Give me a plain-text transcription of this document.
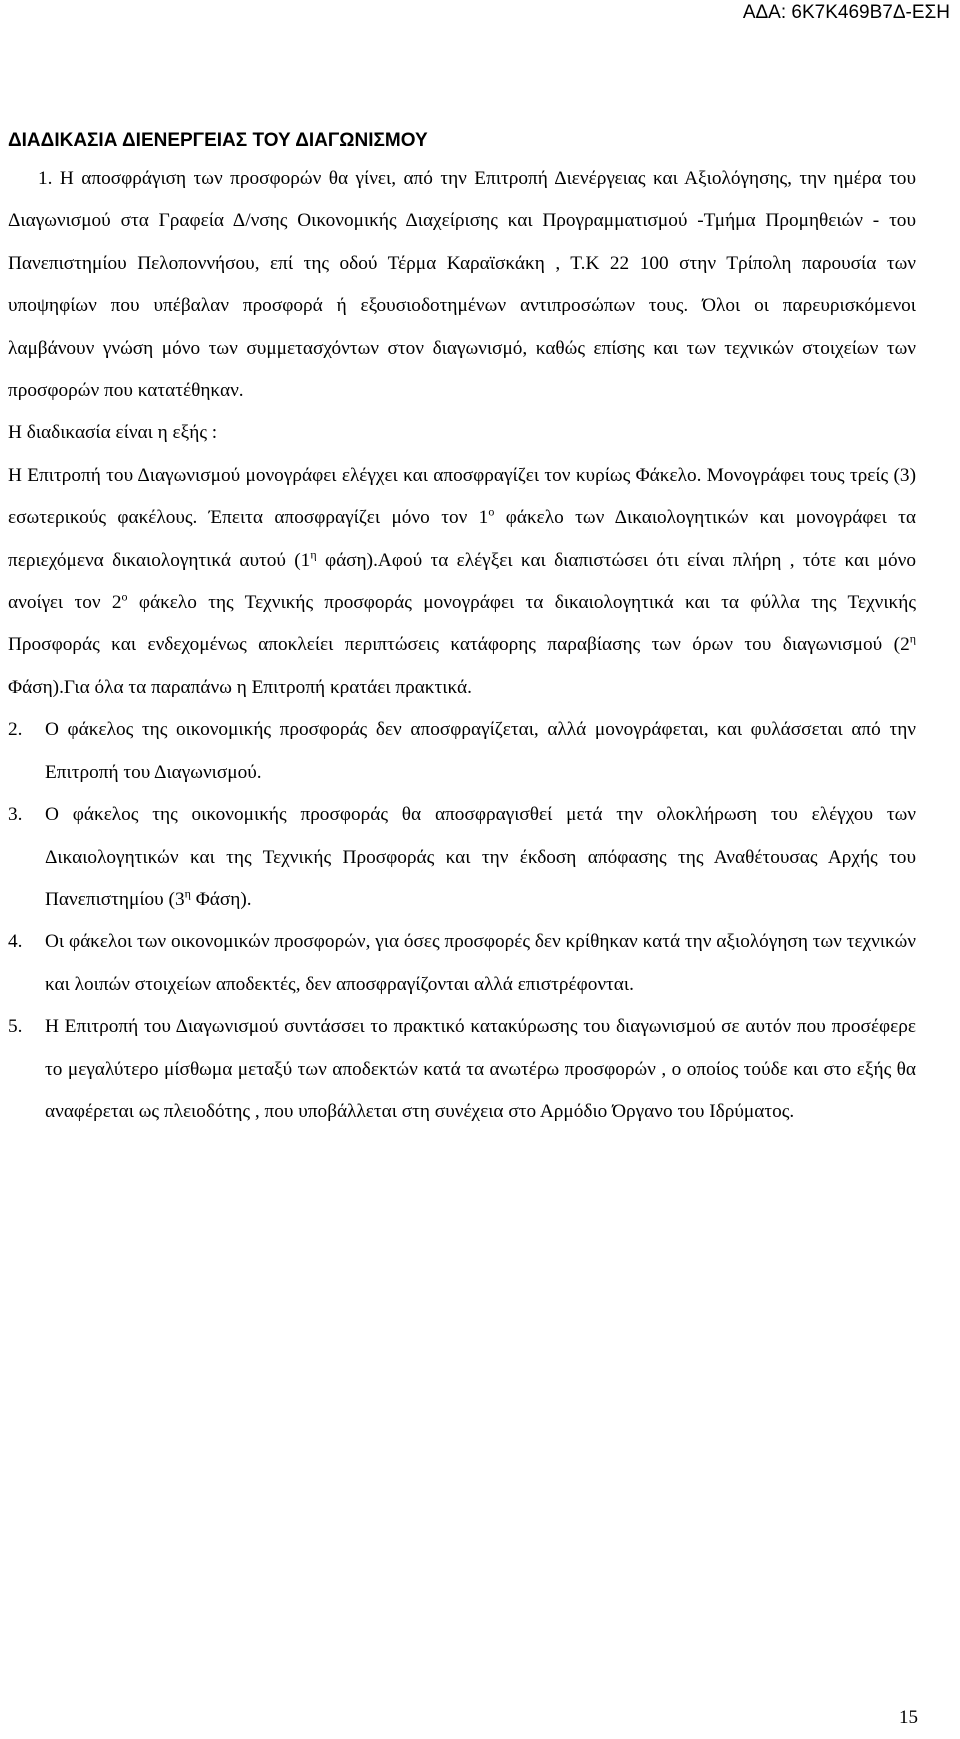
ΑΔΑ: 6Κ7Κ469Β7Δ-ΕΣΗ
ΔΙΑΔΙΚΑΣΙΑ ΔΙΕΝΕΡΓΕΙΑΣ ΤΟΥ ΔΙΑΓΩΝΙΣΜΟΥ

1. Η αποσφράγιση των προσφορών θα γίνει, από την Επιτροπή Διενέργειας και Αξιολόγησης, την ημέρα του Διαγωνισμού στα Γραφεία Δ/νσης Οικονομικής Διαχείρισης και Προγραμματισμού -Τμήμα Προμηθειών - του Πανεπιστημίου Πελοποννήσου, επί της οδού Τέρμα Καραϊσκάκη , Τ.Κ 22 100 στην Τρίπολη παρουσία των υποψηφίων που υπέβαλαν προσφορά ή εξουσιοδοτημένων αντιπροσώπων τους. Όλοι οι παρευρισκόμενοι λαμβάνουν γνώση μόνο των συμμετασχόντων στον διαγωνισμό, καθώς επίσης και των τεχνικών στοιχείων των προσφορών που κατατέθηκαν.

Η διαδικασία είναι η εξής :

Η Επιτροπή του Διαγωνισμού μονογράφει ελέγχει και αποσφραγίζει τον κυρίως Φάκελο. Μονογράφει τους τρείς (3) εσωτερικούς φακέλους. Έπειτα αποσφραγίζει μόνο τον $1^o$ φάκελο των Δικαιολογητικών και μονογράφει τα περιεχόμενα δικαιολογητικά αυτού ($1^\eta$ φάση).Αφού τα ελέγξει και διαπιστώσει ότι είναι πλήρη , τότε και μόνο ανοίγει τον $2^o$ φάκελο της Τεχνικής προσφοράς μονογράφει τα δικαιολογητικά και τα φύλλα της Τεχνικής Προσφοράς και ενδεχομένως αποκλείει περιπτώσεις κατάφορης παραβίασης των όρων του διαγωνισμού ($2^\eta$ Φάση).Για όλα τα παραπάνω η Επιτροπή κρατάει πρακτικά.

2. Ο φάκελος της οικονομικής προσφοράς δεν αποσφραγίζεται, αλλά μονογράφεται, και φυλάσσεται από την Επιτροπή του Διαγωνισμού.
3. Ο φάκελος της οικονομικής προσφοράς θα αποσφραγισθεί μετά την ολοκλήρωση του ελέγχου των Δικαιολογητικών και της Τεχνικής Προσφοράς και την έκδοση απόφασης της Αναθέτουσας Αρχής του Πανεπιστημίου ($3^\eta$ Φάση).
4. Οι φάκελοι των οικονομικών προσφορών, για όσες προσφορές δεν κρίθηκαν κατά την αξιολόγηση των τεχνικών και λοιπών στοιχείων αποδεκτές, δεν αποσφραγίζονται αλλά επιστρέφονται.
5. Η Επιτροπή του Διαγωνισμού συντάσσει το πρακτικό κατακύρωσης του διαγωνισμού σε αυτόν που προσέφερε το μεγαλύτερο μίσθωμα μεταξύ των αποδεκτών κατά τα ανωτέρω προσφορών , ο οποίος τούδε και στο εξής θα αναφέρεται ως πλειοδότης , που υποβάλλεται στη συνέχεια στο Αρμόδιο Όργανο του Ιδρύματος.
15
